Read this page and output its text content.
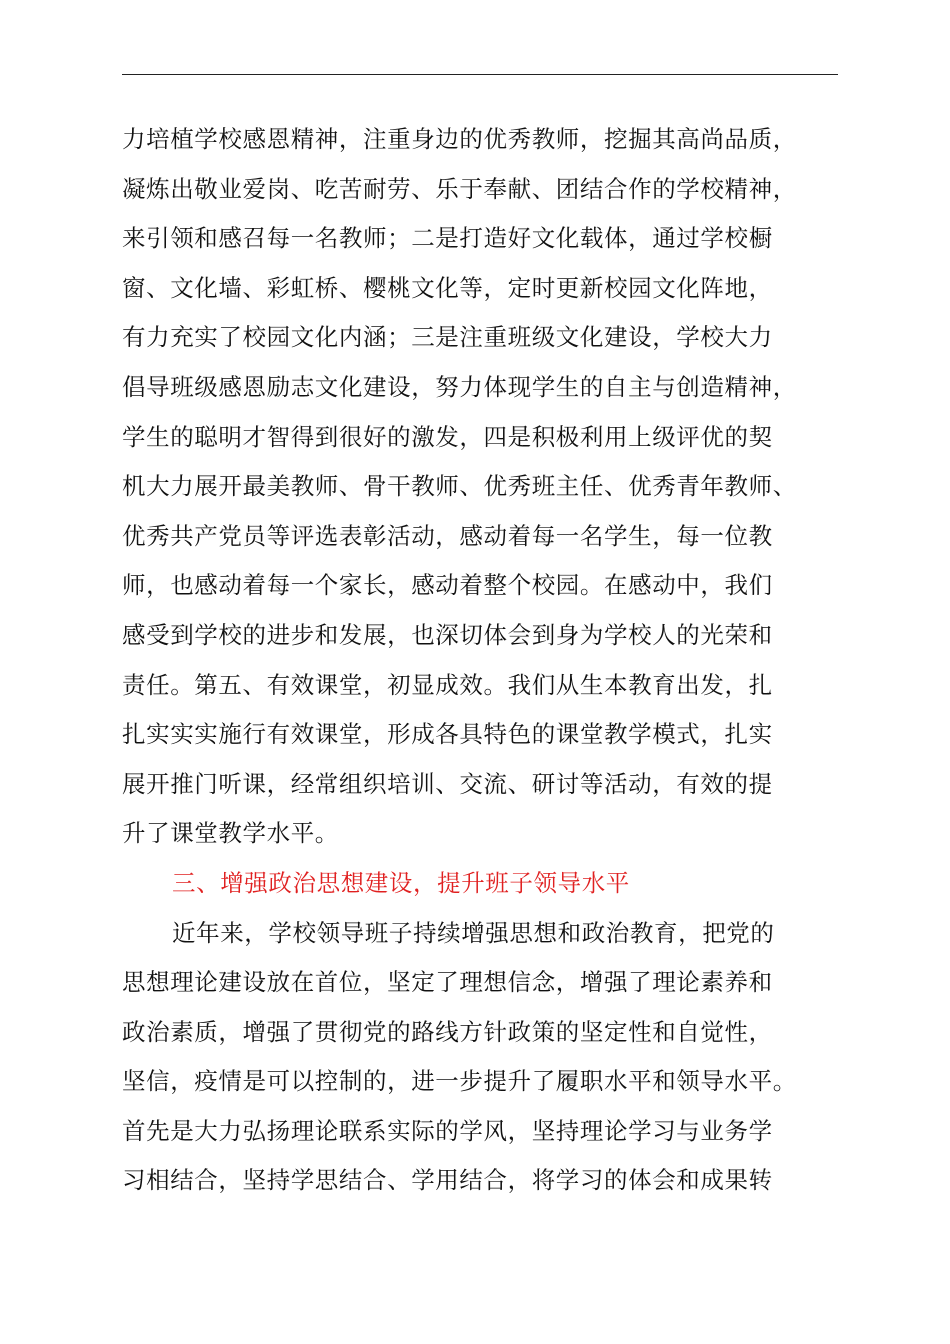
力培植学校感恩精神，注重身边的优秀教师，挖掘其高尚品质，
凝炼出敬业爱岗、吃苦耐劳、乐于奉献、团结合作的学校精神，
来引领和感召每一名教师；二是打造好文化载体，通过学校橱
窗、文化墙、彩虹桥、樱桃文化等，定时更新校园文化阵地，
有力充实了校园文化内涵；三是注重班级文化建设，学校大力
倡导班级感恩励志文化建设，努力体现学生的自主与创造精神，
学生的聪明才智得到很好的激发，四是积极利用上级评优的契
机大力展开最美教师、骨干教师、优秀班主任、优秀青年教师、
优秀共产党员等评选表彰活动，感动着每一名学生，每一位教
师，也感动着每一个家长，感动着整个校园。在感动中，我们
感受到学校的进步和发展，也深切体会到身为学校人的光荣和
责任。第五、有效课堂，初显成效。我们从生本教育出发，扎
扎实实实施行有效课堂，形成各具特色的课堂教学模式，扎实
展开推门听课，经常组织培训、交流、研讨等活动，有效的提
升了课堂教学水平。
三、增强政治思想建设，提升班子领导水平
近年来，学校领导班子持续增强思想和政治教育，把党的
思想理论建设放在首位，坚定了理想信念，增强了理论素养和
政治素质，增强了贯彻党的路线方针政策的坚定性和自觉性，
坚信，疫情是可以控制的，进一步提升了履职水平和领导水平。
首先是大力弘扬理论联系实际的学风，坚持理论学习与业务学
习相结合，坚持学思结合、学用结合，将学习的体会和成果转
